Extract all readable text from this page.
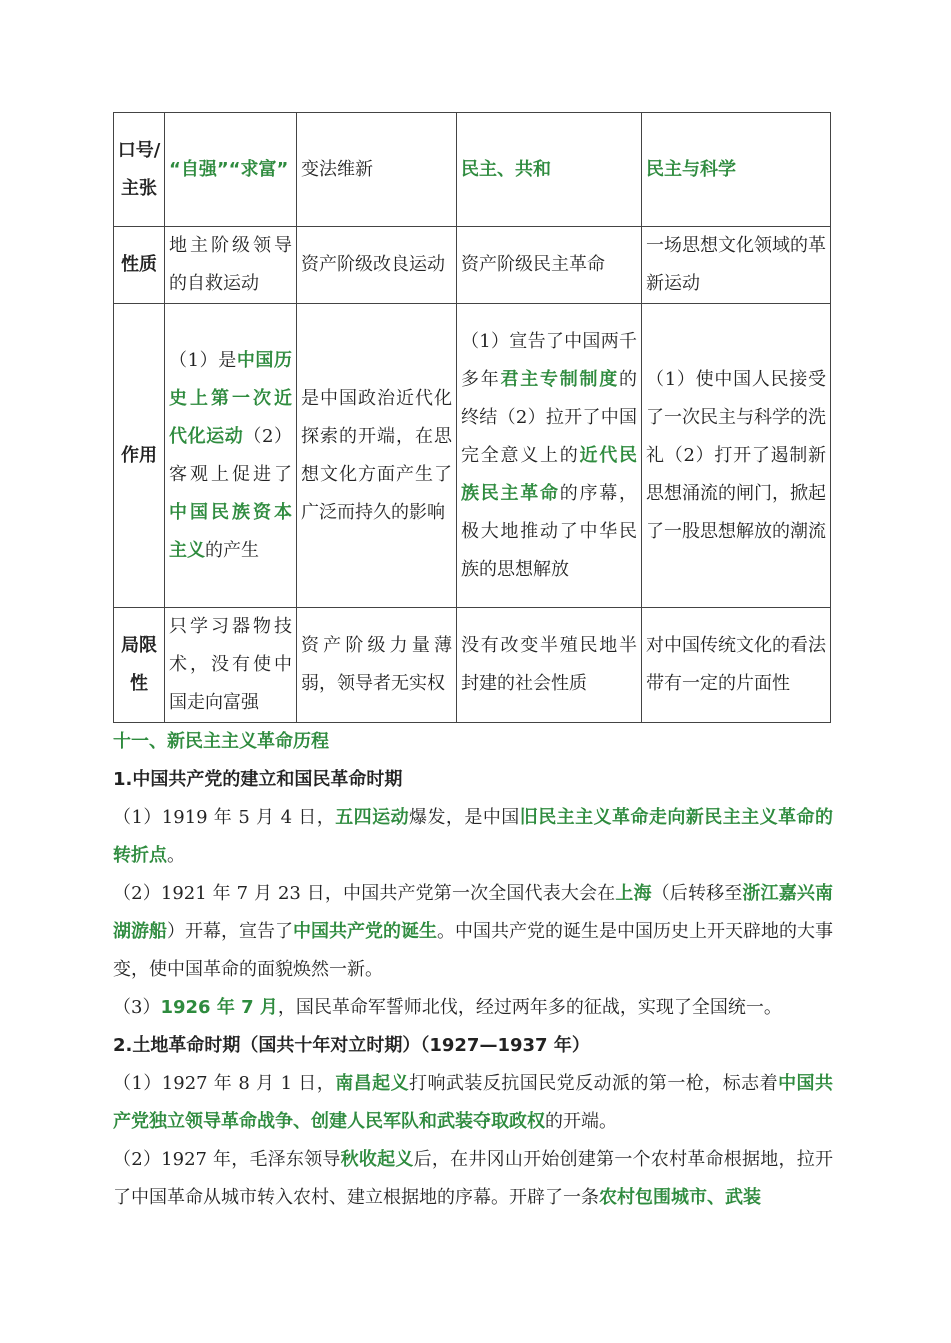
口号/主张	“自强”“求富”	变法维新	民主、共和	民主与科学
性质	地主阶级领导的自救运动	资产阶级改良运动	资产阶级民主革命	一场思想文化领域的革新运动
作用	（1）是中国历史上第一次近代化运动（2）客观上促进了中国民族资本主义的产生	是中国政治近代化探索的开端，在思想文化方面产生了广泛而持久的影响	（1）宣告了中国两千多年君主专制制度的终结（2）拉开了中国完全意义上的近代民族民主革命的序幕，极大地推动了中华民族的思想解放	（1）使中国人民接受了一次民主与科学的洗礼（2）打开了遏制新思想涌流的闸门，掀起了一股思想解放的潮流
局限性	只学习器物技术，没有使中国走向富强	资产阶级力量薄弱，领导者无实权	没有改变半殖民地半封建的社会性质	对中国传统文化的看法带有一定的片面性

十一、新民主主义革命历程

1.中国共产党的建立和国民革命时期

（1）1919 年 5 月 4 日，五四运动爆发，是中国旧民主主义革命走向新民主主义革命的转折点。

（2）1921 年 7 月 23 日，中国共产党第一次全国代表大会在上海（后转移至浙江嘉兴南湖游船）开幕，宣告了中国共产党的诞生。中国共产党的诞生是中国历史上开天辟地的大事变，使中国革命的面貌焕然一新。

（3）1926 年 7 月，国民革命军誓师北伐，经过两年多的征战，实现了全国统一。

2.土地革命时期（国共十年对立时期）（1927—1937 年）

（1）1927 年 8 月 1 日，南昌起义打响武装反抗国民党反动派的第一枪，标志着中国共产党独立领导革命战争、创建人民军队和武装夺取政权的开端。

（2）1927 年，毛泽东领导秋收起义后，在井冈山开始创建第一个农村革命根据地，拉开了中国革命从城市转入农村、建立根据地的序幕。开辟了一条农村包围城市、武装
